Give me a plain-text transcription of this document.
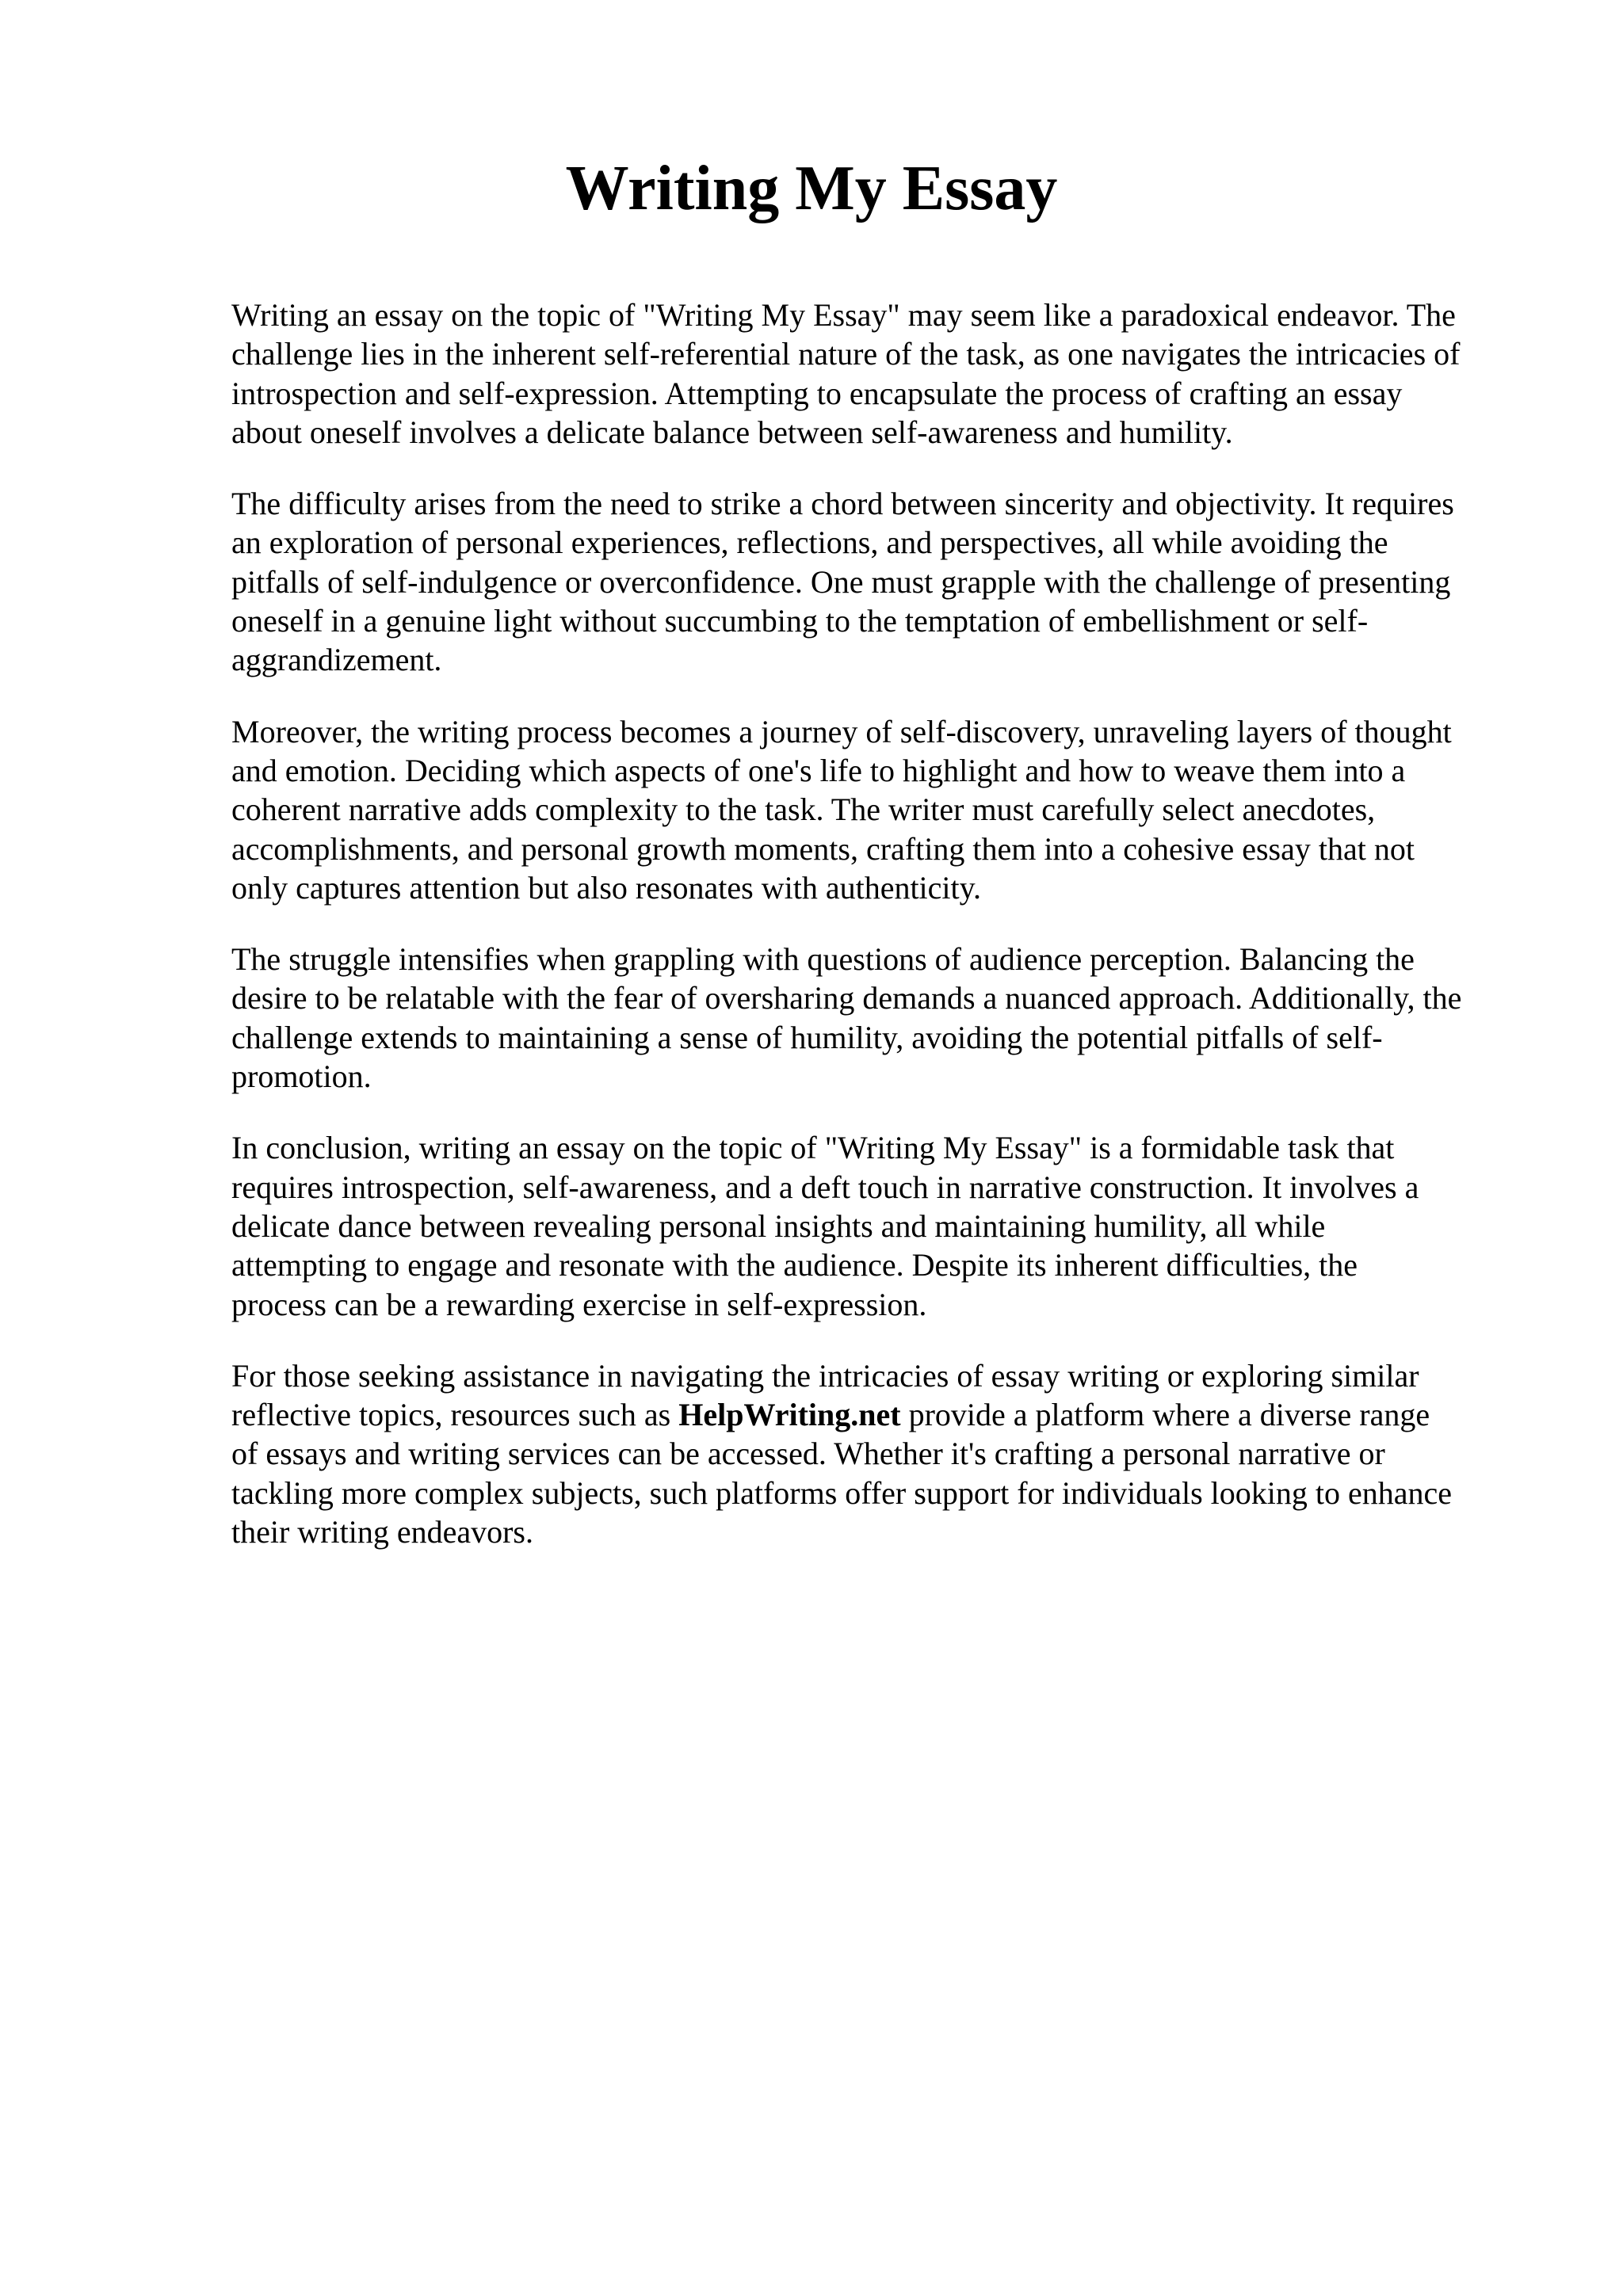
Writing My Essay

Writing an essay on the topic of "Writing My Essay" may seem like a paradoxical endeavor. The
challenge lies in the inherent self-referential nature of the task, as one navigates the intricacies of
introspection and self-expression. Attempting to encapsulate the process of crafting an essay
about oneself involves a delicate balance between self-awareness and humility.

The difficulty arises from the need to strike a chord between sincerity and objectivity. It requires
an exploration of personal experiences, reflections, and perspectives, all while avoiding the
pitfalls of self-indulgence or overconfidence. One must grapple with the challenge of presenting
oneself in a genuine light without succumbing to the temptation of embellishment or self-
aggrandizement.

Moreover, the writing process becomes a journey of self-discovery, unraveling layers of thought
and emotion. Deciding which aspects of one's life to highlight and how to weave them into a
coherent narrative adds complexity to the task. The writer must carefully select anecdotes,
accomplishments, and personal growth moments, crafting them into a cohesive essay that not
only captures attention but also resonates with authenticity.

The struggle intensifies when grappling with questions of audience perception. Balancing the
desire to be relatable with the fear of oversharing demands a nuanced approach. Additionally, the
challenge extends to maintaining a sense of humility, avoiding the potential pitfalls of self-
promotion.

In conclusion, writing an essay on the topic of "Writing My Essay" is a formidable task that
requires introspection, self-awareness, and a deft touch in narrative construction. It involves a
delicate dance between revealing personal insights and maintaining humility, all while
attempting to engage and resonate with the audience. Despite its inherent difficulties, the
process can be a rewarding exercise in self-expression.

For those seeking assistance in navigating the intricacies of essay writing or exploring similar
reflective topics, resources such as HelpWriting.net provide a platform where a diverse range
of essays and writing services can be accessed. Whether it's crafting a personal narrative or
tackling more complex subjects, such platforms offer support for individuals looking to enhance
their writing endeavors.
